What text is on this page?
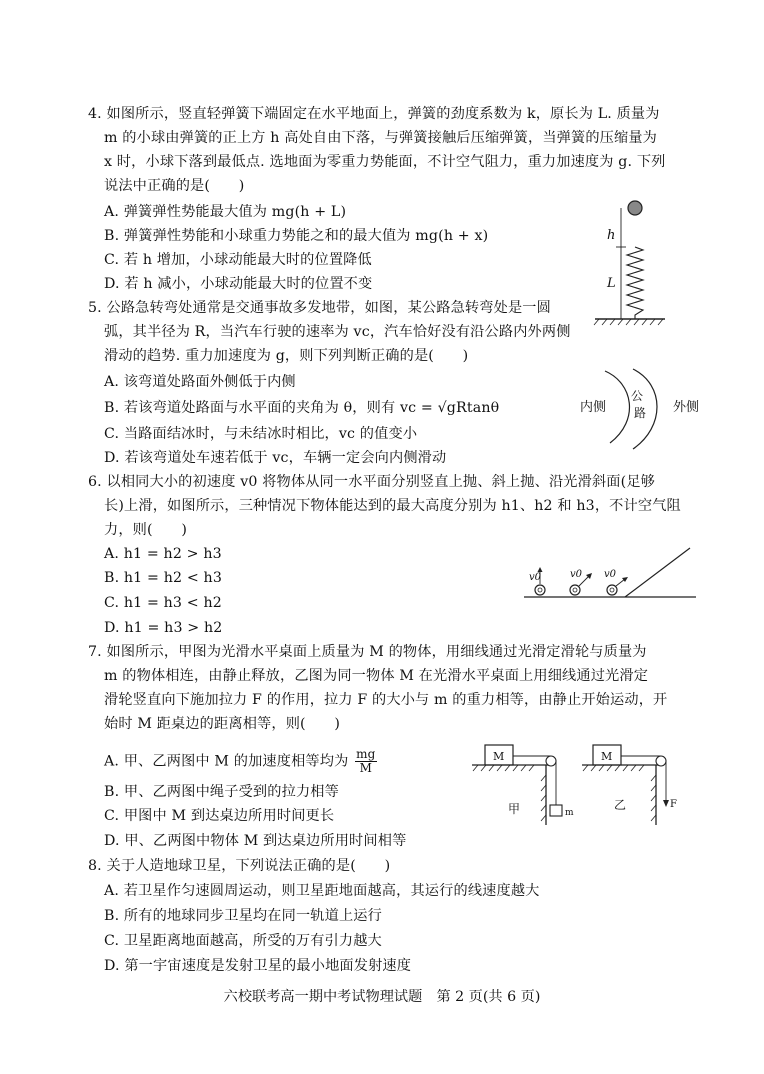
4. 如图所示，竖直轻弹簧下端固定在水平地面上，弹簧的劲度系数为 k，原长为 L. 质量为
m 的小球由弹簧的正上方 h 高处自由下落，与弹簧接触后压缩弹簧，当弹簧的压缩量为
x 时，小球下落到最低点. 选地面为零重力势能面，不计空气阻力，重力加速度为 g. 下列
说法中正确的是(　　)
A. 弹簧弹性势能最大值为 mg(h + L)
B. 弹簧弹性势能和小球重力势能之和的最大值为 mg(h + x)
C. 若 h 增加，小球动能最大时的位置降低
D. 若 h 减小，小球动能最大时的位置不变
h
L
5. 公路急转弯处通常是交通事故多发地带，如图，某公路急转弯处是一圆
弧，其半径为 R，当汽车行驶的速率为 vc，汽车恰好没有沿公路内外两侧
滑动的趋势. 重力加速度为 g，则下列判断正确的是(　　)
A. 该弯道处路面外侧低于内侧
B. 若该弯道处路面与水平面的夹角为 θ，则有 vc = √gRtanθ
C. 当路面结冰时，与未结冰时相比，vc 的值变小
D. 若该弯道处车速若低于 vc，车辆一定会向内侧滑动
内侧
公
路 外侧
6. 以相同大小的初速度 v0 将物体从同一水平面分别竖直上抛、斜上抛、沿光滑斜面(足够
长)上滑，如图所示，三种情况下物体能达到的最大高度分别为 h1、h2 和 h3，不计空气阻
力，则(　　)
A. h1 = h2 > h3
B. h1 = h2 < h3
C. h1 = h3 < h2
D. h1 = h3 > h2
v0	v0 v0
7. 如图所示，甲图为光滑水平桌面上质量为 M 的物体，用细线通过光滑定滑轮与质量为
m 的物体相连，由静止释放，乙图为同一物体 M 在光滑水平桌面上用细线通过光滑定
滑轮竖直向下施加拉力 F 的作用，拉力 F 的大小与 m 的重力相等，由静止开始运动，开
始时 M 距桌边的距离相等，则(　　)
A. 甲、乙两图中 M 的加速度相等均为 $\frac{mg}{M}$
B. 甲、乙两图中绳子受到的拉力相等
C. 甲图中 M 到达桌边所用时间更长
D. 甲、乙两图中物体 M 到达桌边所用时间相等
M
m
甲
M
F
乙
8. 关于人造地球卫星，下列说法正确的是(　　)
A. 若卫星作匀速圆周运动，则卫星距地面越高，其运行的线速度越大
B. 所有的地球同步卫星均在同一轨道上运行
C. 卫星距离地面越高，所受的万有引力越大
D. 第一宇宙速度是发射卫星的最小地面发射速度
六校联考高一期中考试物理试题　第 2 页(共 6 页)
